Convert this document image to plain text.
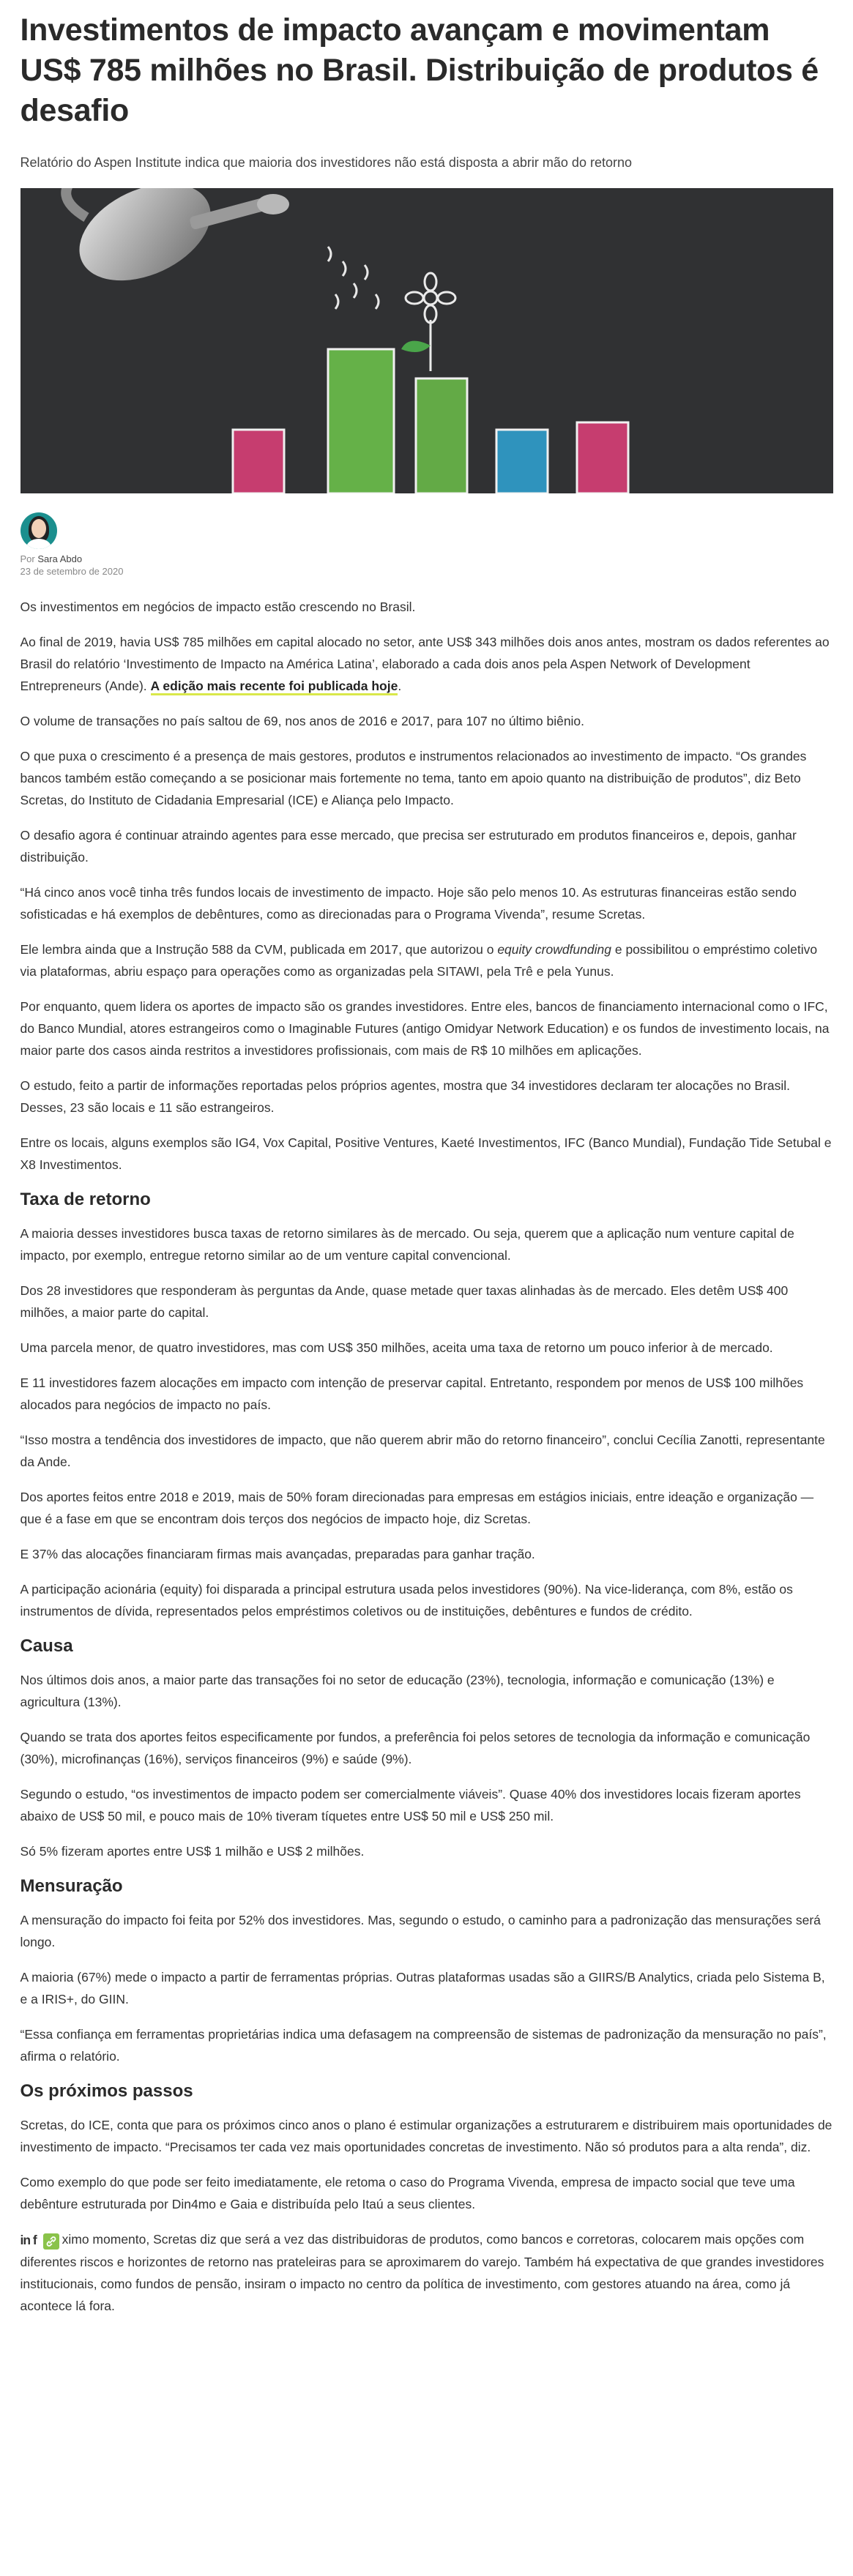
Investimentos de impacto avançam e movimentam US$ 785 milhões no Brasil. Distribuição de produtos é desafio

Relatório do Aspen Institute indica que maioria dos investidores não está disposta a abrir mão do retorno

Por Sara Abdo
23 de setembro de 2020

Os investimentos em negócios de impacto estão crescendo no Brasil.

Ao final de 2019, havia US$ 785 milhões em capital alocado no setor, ante US$ 343 milhões dois anos antes, mostram os dados referentes ao Brasil do relatório ‘Investimento de Impacto na América Latina’, elaborado a cada dois anos pela Aspen Network of Development Entrepreneurs (Ande). A edição mais recente foi publicada hoje.

O volume de transações no país saltou de 69, nos anos de 2016 e 2017, para 107 no último biênio.

O que puxa o crescimento é a presença de mais gestores, produtos e instrumentos relacionados ao investimento de impacto. “Os grandes bancos também estão começando a se posicionar mais fortemente no tema, tanto em apoio quanto na distribuição de produtos”, diz Beto Scretas, do Instituto de Cidadania Empresarial (ICE) e Aliança pelo Impacto.

O desafio agora é continuar atraindo agentes para esse mercado, que precisa ser estruturado em produtos financeiros e, depois, ganhar distribuição.

“Há cinco anos você tinha três fundos locais de investimento de impacto. Hoje são pelo menos 10. As estruturas financeiras estão sendo sofisticadas e há exemplos de debêntures, como as direcionadas para o Programa Vivenda”, resume Scretas.

Ele lembra ainda que a Instrução 588 da CVM, publicada em 2017, que autorizou o equity crowdfunding e possibilitou o empréstimo coletivo via plataformas, abriu espaço para operações como as organizadas pela SITAWI, pela Trê e pela Yunus.

Por enquanto, quem lidera os aportes de impacto são os grandes investidores. Entre eles, bancos de financiamento internacional como o IFC, do Banco Mundial, atores estrangeiros como o Imaginable Futures (antigo Omidyar Network Education) e os fundos de investimento locais, na maior parte dos casos ainda restritos a investidores profissionais, com mais de R$ 10 milhões em aplicações.

O estudo, feito a partir de informações reportadas pelos próprios agentes, mostra que 34 investidores declaram ter alocações no Brasil. Desses, 23 são locais e 11 são estrangeiros.

Entre os locais, alguns exemplos são IG4, Vox Capital, Positive Ventures, Kaeté Investimentos, IFC (Banco Mundial), Fundação Tide Setubal e X8 Investimentos.

Taxa de retorno

A maioria desses investidores busca taxas de retorno similares às de mercado. Ou seja, querem que a aplicação num venture capital de impacto, por exemplo, entregue retorno similar ao de um venture capital convencional.

Dos 28 investidores que responderam às perguntas da Ande, quase metade quer taxas alinhadas às de mercado. Eles detêm US$ 400 milhões, a maior parte do capital.

Uma parcela menor, de quatro investidores, mas com US$ 350 milhões, aceita uma taxa de retorno um pouco inferior à de mercado.

E 11 investidores fazem alocações em impacto com intenção de preservar capital. Entretanto, respondem por menos de US$ 100 milhões alocados para negócios de impacto no país.

“Isso mostra a tendência dos investidores de impacto, que não querem abrir mão do retorno financeiro”, conclui Cecília Zanotti, representante da Ande.

Dos aportes feitos entre 2018 e 2019, mais de 50% foram direcionadas para empresas em estágios iniciais, entre ideação e organização — que é a fase em que se encontram dois terços dos negócios de impacto hoje, diz Scretas.

E 37% das alocações financiaram firmas mais avançadas, preparadas para ganhar tração.

A participação acionária (equity) foi disparada a principal estrutura usada pelos investidores (90%). Na vice-liderança, com 8%, estão os instrumentos de dívida, representados pelos empréstimos coletivos ou de instituições, debêntures e fundos de crédito.

Causa

Nos últimos dois anos, a maior parte das transações foi no setor de educação (23%), tecnologia, informação e comunicação (13%) e agricultura (13%).

Quando se trata dos aportes feitos especificamente por fundos, a preferência foi pelos setores de tecnologia da informação e comunicação (30%), microfinanças (16%), serviços financeiros (9%) e saúde (9%).

Segundo o estudo, “os investimentos de impacto podem ser comercialmente viáveis”. Quase 40% dos investidores locais fizeram aportes abaixo de US$ 50 mil, e pouco mais de 10% tiveram tíquetes entre US$ 50 mil e US$ 250 mil.

Só 5% fizeram aportes entre US$ 1 milhão e US$ 2 milhões.

Mensuração

A mensuração do impacto foi feita por 52% dos investidores. Mas, segundo o estudo, o caminho para a padronização das mensurações será longo.

A maioria (67%) mede o impacto a partir de ferramentas próprias. Outras plataformas usadas são a GIIRS/B Analytics, criada pelo Sistema B, e a IRIS+, do GIIN.

“Essa confiança em ferramentas proprietárias indica uma defasagem na compreensão de sistemas de padronização da mensuração no país”, afirma o relatório.

Os próximos passos

Scretas, do ICE, conta que para os próximos cinco anos o plano é estimular organizações a estruturarem e distribuirem mais oportunidades de investimento de impacto. “Precisamos ter cada vez mais oportunidades concretas de investimento. Não só produtos para a alta renda”, diz.

Como exemplo do que pode ser feito imediatamente, ele retoma o caso do Programa Vivenda, empresa de impacto social que teve uma debênture estruturada por Din4mo e Gaia e distribuída pelo Itaú a seus clientes.

in f ximo momento, Scretas diz que será a vez das distribuidoras de produtos, como bancos e corretoras, colocarem mais opções com diferentes riscos e horizontes de retorno nas prateleiras para se aproximarem do varejo. Também há expectativa de que grandes investidores institucionais, como fundos de pensão, insiram o impacto no centro da política de investimento, com gestores atuando na área, como já acontece lá fora.
